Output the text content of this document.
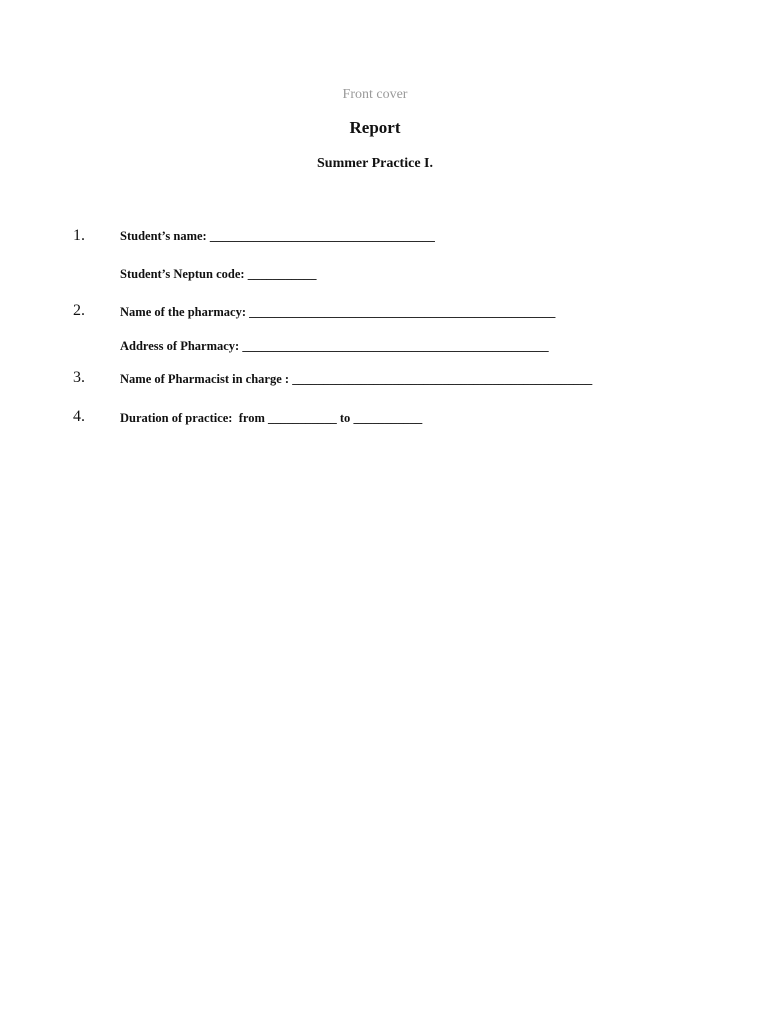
Front cover
Report
Summer Practice I.
1.	Student’s name: ____________________________________
Student’s Neptun code: ___________
2.	Name of the pharmacy: _________________________________________________
Address of Pharmacy: _________________________________________________
3.	Name of Pharmacist in charge : ________________________________________________
4.	Duration of practice: from ___________ to ___________
